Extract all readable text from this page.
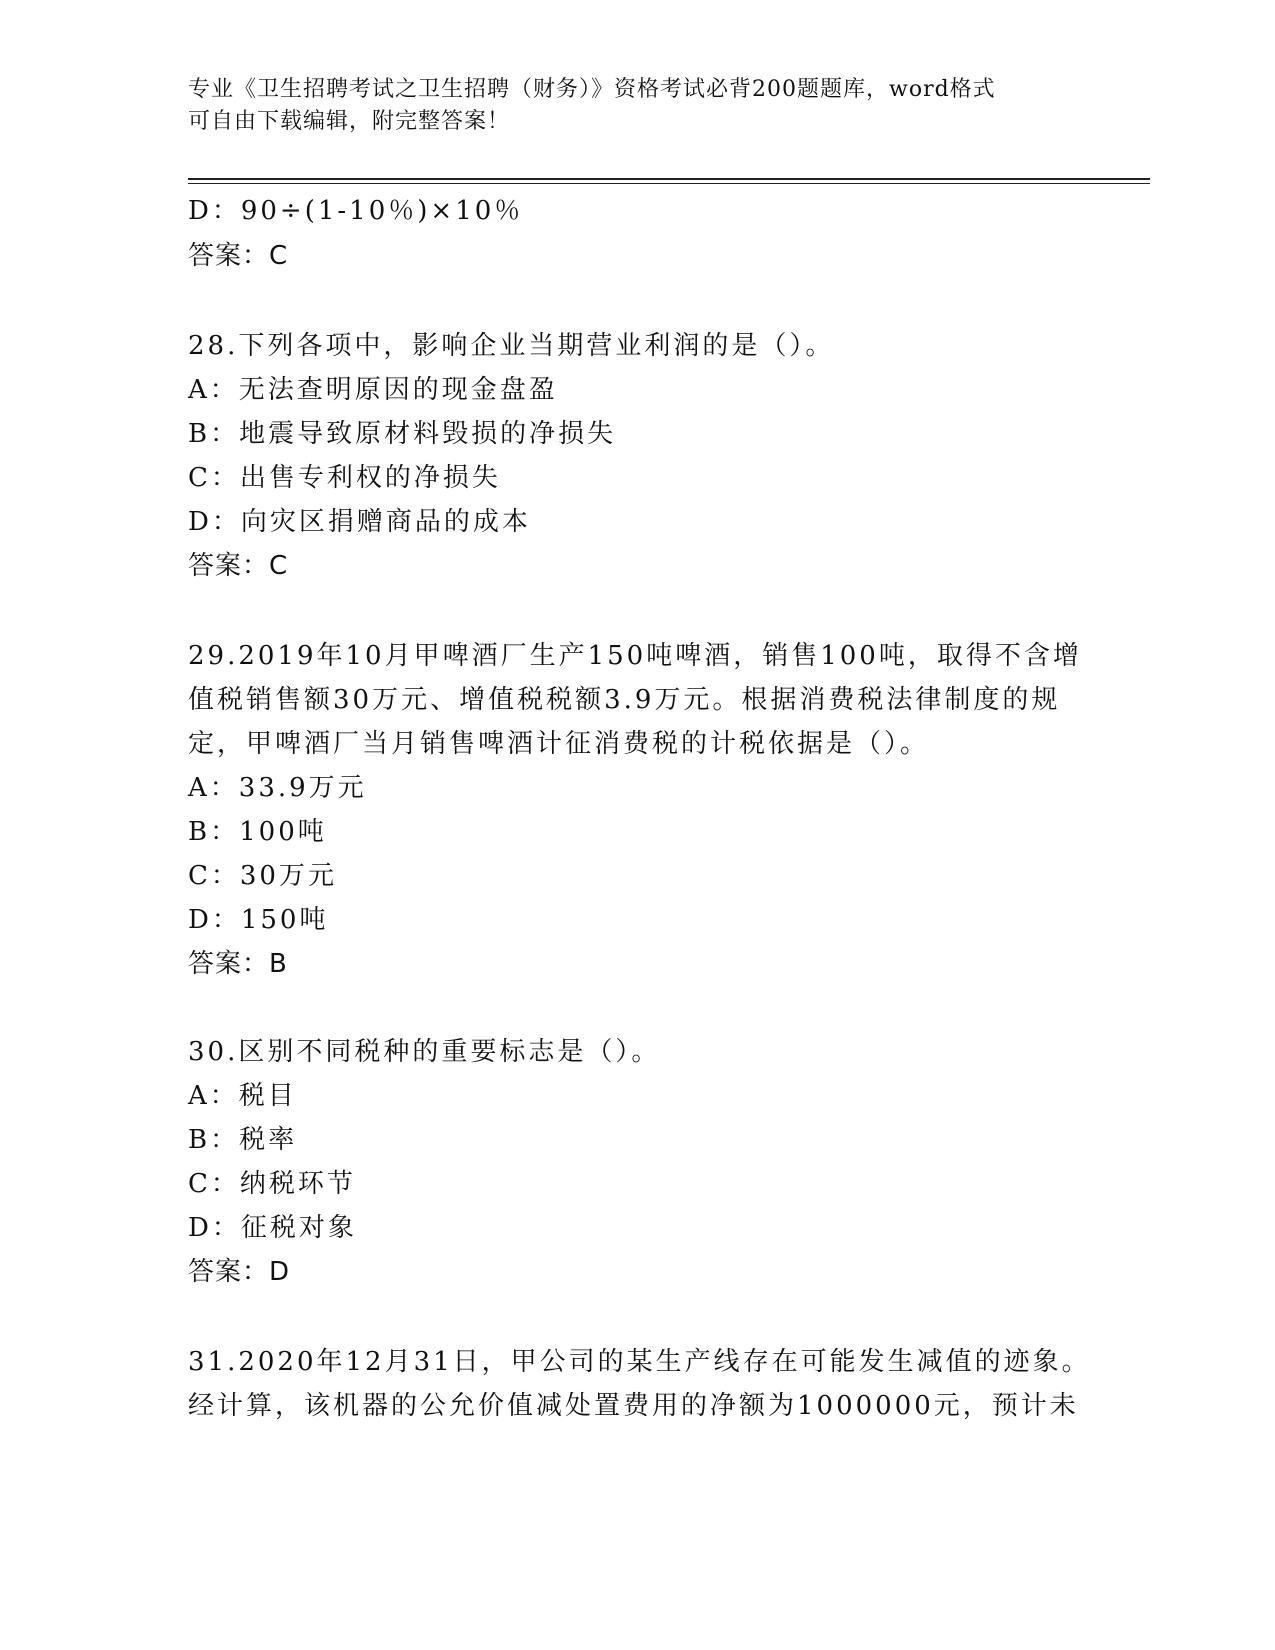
专业《卫生招聘考试之卫生招聘（财务）》资格考试必背200题题库，word格式
可自由下载编辑，附完整答案！
D：90÷(1-10％)×10％
答案：C
28.下列各项中，影响企业当期营业利润的是（）。
A：无法查明原因的现金盘盈
B：地震导致原材料毁损的净损失
C：出售专利权的净损失
D：向灾区捐赠商品的成本
答案：C
29.2019年10月甲啤酒厂生产150吨啤酒，销售100吨，取得不含增
值税销售额30万元、增值税税额3.9万元。根据消费税法律制度的规
定，甲啤酒厂当月销售啤酒计征消费税的计税依据是（）。
A：33.9万元
B：100吨
C：30万元
D：150吨
答案：B
30.区别不同税种的重要标志是（）。
A：税目
B：税率
C：纳税环节
D：征税对象
答案：D
31.2020年12月31日，甲公司的某生产线存在可能发生减值的迹象。
经计算，该机器的公允价值减处置费用的净额为1000000元，预计未
